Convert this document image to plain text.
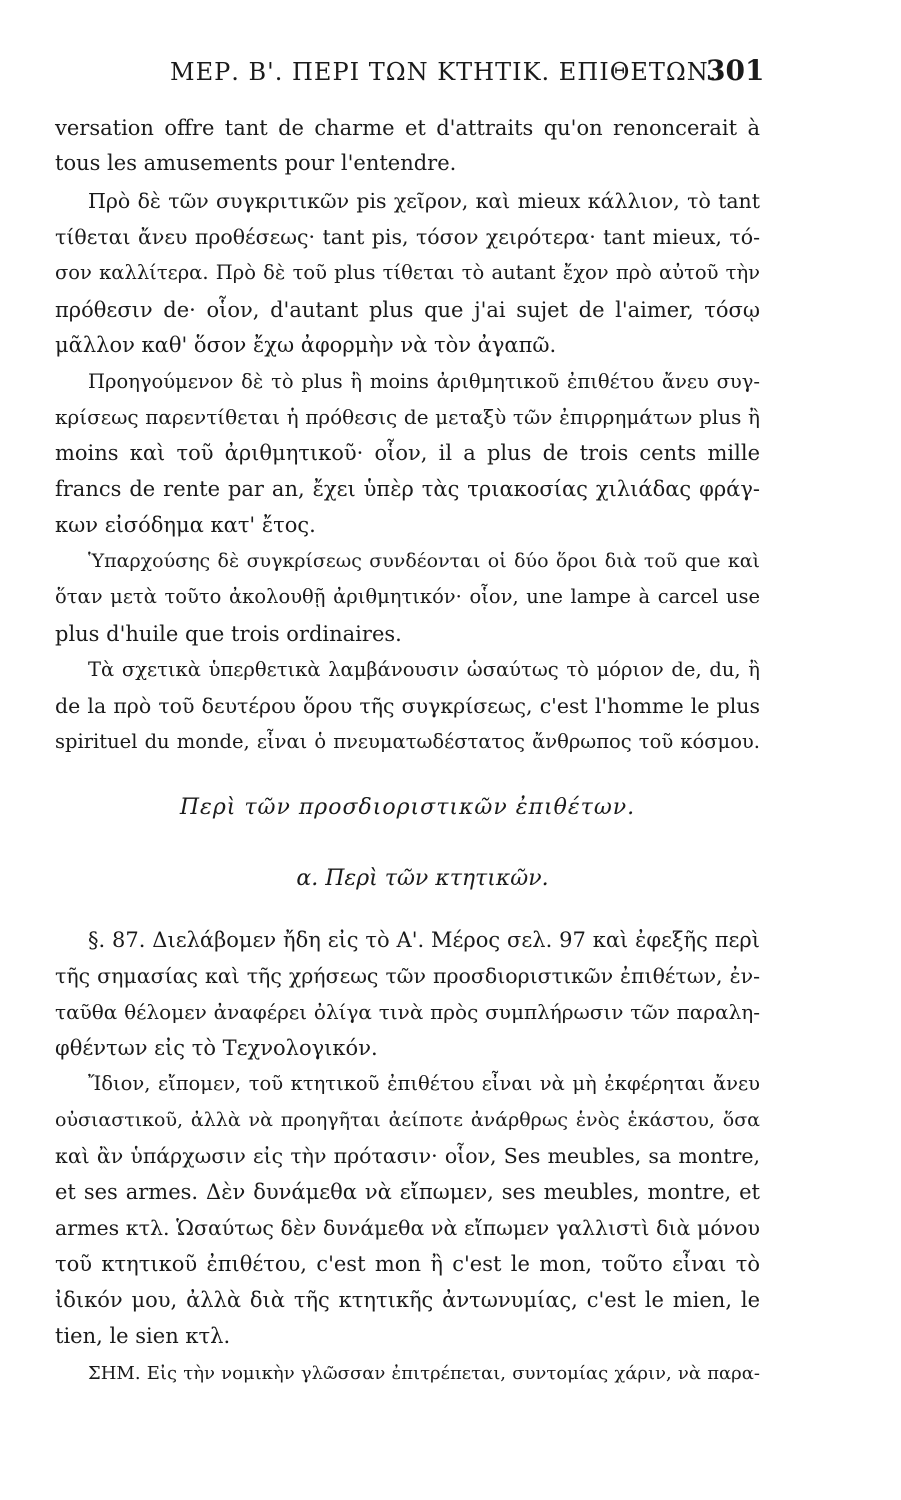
ΜΕΡ. Β'. ΠΕΡΙ ΤΩΝ ΚΤΗΤΙΚ. ΕΠΙΘΕΤΩΝ.
301
versation offre tant de charme et d'attraits qu'on renoncerait à
tous les amusements pour l'entendre.
Πρὸ δὲ τῶν συγκριτικῶν pis χεῖρον, καὶ mieux κάλλιον, τὸ tant
τίθεται ἄνευ προθέσεως· tant pis, τόσον χειρότερα· tant mieux, τό-
σον καλλίτερα. Πρὸ δὲ τοῦ plus τίθεται τὸ autant ἔχον πρὸ αὐτοῦ τὴν
πρόθεσιν de· οἷον, d'autant plus que j'ai sujet de l'aimer, τόσῳ
μᾶλλον καθ' ὅσον ἔχω ἀφορμὴν νὰ τὸν ἀγαπῶ.
Προηγούμενον δὲ τὸ plus ἢ moins ἀριθμητικοῦ ἐπιθέτου ἄνευ συγ-
κρίσεως παρεντίθεται ἡ πρόθεσις de μεταξὺ τῶν ἐπιρρημάτων plus ἢ
moins καὶ τοῦ ἀριθμητικοῦ· οἷον, il a plus de trois cents mille
francs de rente par an, ἔχει ὑπὲρ τὰς τριακοσίας χιλιάδας φράγ-
κων εἰσόδημα κατ' ἔτος.
Ὑπαρχούσης δὲ συγκρίσεως συνδέονται οἱ δύο ὅροι διὰ τοῦ que καὶ
ὅταν μετὰ τοῦτο ἀκολουθῇ ἀριθμητικόν· οἷον, une lampe à carcel use
plus d'huile que trois ordinaires.
Τὰ σχετικὰ ὑπερθετικὰ λαμβάνουσιν ὡσαύτως τὸ μόριον de, du, ἢ
de la πρὸ τοῦ δευτέρου ὅρου τῆς συγκρίσεως, c'est l'homme le plus
spirituel du monde, εἶναι ὁ πνευματωδέστατος ἄνθρωπος τοῦ κόσμου.
Περὶ τῶν προσδιοριστικῶν ἐπιθέτων.
α. Περὶ τῶν κτητικῶν.
§. 87. Διελάβομεν ἤδη εἰς τὸ Α'. Μέρος σελ. 97 καὶ ἐφεξῆς περὶ
τῆς σημασίας καὶ τῆς χρήσεως τῶν προσδιοριστικῶν ἐπιθέτων, ἐν-
ταῦθα θέλομεν ἀναφέρει ὀλίγα τινὰ πρὸς συμπλήρωσιν τῶν παραλη-
φθέντων εἰς τὸ Τεχνολογικόν.
Ἴδιον, εἴπομεν, τοῦ κτητικοῦ ἐπιθέτου εἶναι νὰ μὴ ἐκφέρηται ἄνευ
οὐσιαστικοῦ, ἀλλὰ νὰ προηγῆται ἀείποτε ἀνάρθρως ἑνὸς ἑκάστου, ὅσα
καὶ ἂν ὑπάρχωσιν εἰς τὴν πρότασιν· οἷον, Ses meubles, sa montre,
et ses armes. Δὲν δυνάμεθα νὰ εἴπωμεν, ses meubles, montre, et
armes κτλ. Ὡσαύτως δὲν δυνάμεθα νὰ εἴπωμεν γαλλιστὶ διὰ μόνου
τοῦ κτητικοῦ ἐπιθέτου, c'est mon ἢ c'est le mon, τοῦτο εἶναι τὸ
ἰδικόν μου, ἀλλὰ διὰ τῆς κτητικῆς ἀντωνυμίας, c'est le mien, le
tien, le sien κτλ.
ΣΗΜ. Εἰς τὴν νομικὴν γλῶσσαν ἐπιτρέπεται, συντομίας χάριν, νὰ παρα-
